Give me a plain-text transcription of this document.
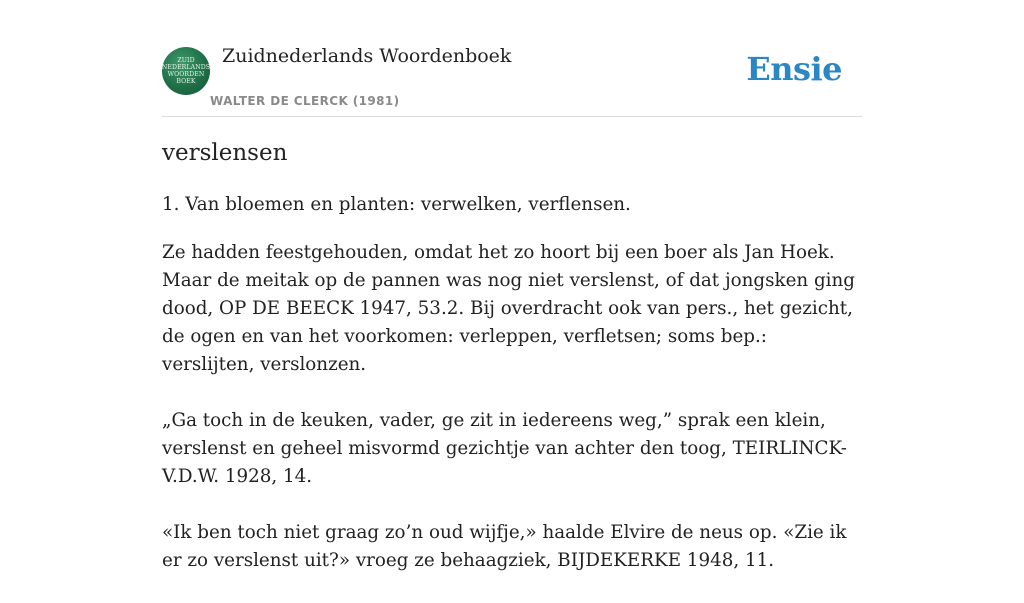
ZUID
NEDERLANDS
WOORDEN
BOEK
Zuidnederlands Woordenboek
WALTER DE CLERCK (1981)
Ensie
verslensen
1. Van bloemen en planten: verwelken, verflensen.

Ze hadden feestgehouden, omdat het zo hoort bij een boer als Jan Hoek. Maar de meitak op de pannen was nog niet verslenst, of dat jongsken ging dood, OP DE BEECK 1947, 53.2. Bij overdracht ook van pers., het gezicht, de ogen en van het voorkomen: verleppen, verfletsen; soms bep.: verslijten, verslonzen.

„Ga toch in de keuken, vader, ge zit in iedereens weg,” sprak een klein, verslenst en geheel misvormd gezichtje van achter den toog, TEIRLINCK-V.D.W. 1928, 14.

«Ik ben toch niet graag zo’n oud wijfje,» haalde Elvire de neus op. «Zie ik er zo verslenst uit?» vroeg ze behaagziek, BIJDEKERKE 1948, 11.
